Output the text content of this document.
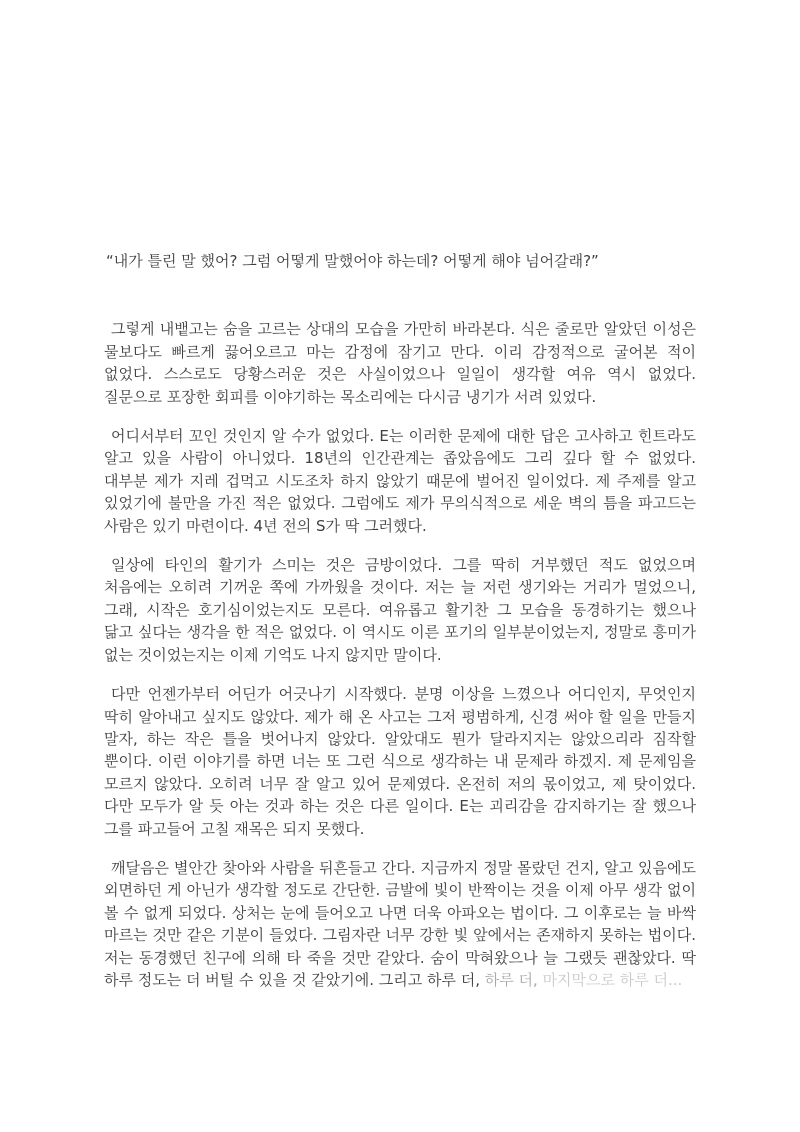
“내가 틀린 말 했어? 그럼 어떻게 말했어야 하는데? 어떻게 해야 넘어갈래?”

그렇게 내뱉고는 숨을 고르는 상대의 모습을 가만히 바라본다. 식은 줄로만 알았던 이성은 물보다도 빠르게 끓어오르고 마는 감정에 잠기고 만다. 이리 감정적으로 굴어본 적이 없었다. 스스로도 당황스러운 것은 사실이었으나 일일이 생각할 여유 역시 없었다. 질문으로 포장한 회피를 이야기하는 목소리에는 다시금 냉기가 서려 있었다.

어디서부터 꼬인 것인지 알 수가 없었다. E는 이러한 문제에 대한 답은 고사하고 힌트라도 알고 있을 사람이 아니었다. 18년의 인간관계는 좁았음에도 그리 깊다 할 수 없었다. 대부분 제가 지레 겁먹고 시도조차 하지 않았기 때문에 벌어진 일이었다. 제 주제를 알고 있었기에 불만을 가진 적은 없었다. 그럼에도 제가 무의식적으로 세운 벽의 틈을 파고드는 사람은 있기 마련이다. 4년 전의 S가 딱 그러했다.

일상에 타인의 활기가 스미는 것은 금방이었다. 그를 딱히 거부했던 적도 없었으며 처음에는 오히려 기꺼운 쪽에 가까웠을 것이다. 저는 늘 저런 생기와는 거리가 멀었으니, 그래, 시작은 호기심이었는지도 모른다. 여유롭고 활기찬 그 모습을 동경하기는 했으나 닮고 싶다는 생각을 한 적은 없었다. 이 역시도 이른 포기의 일부분이었는지, 정말로 흥미가 없는 것이었는지는 이제 기억도 나지 않지만 말이다.

다만 언젠가부터 어딘가 어긋나기 시작했다. 분명 이상을 느꼈으나 어디인지, 무엇인지 딱히 알아내고 싶지도 않았다. 제가 해 온 사고는 그저 평범하게, 신경 써야 할 일을 만들지 말자, 하는 작은 틀을 벗어나지 않았다. 알았대도 뭔가 달라지지는 않았으리라 짐작할 뿐이다. 이런 이야기를 하면 너는 또 그런 식으로 생각하는 내 문제라 하겠지. 제 문제임을 모르지 않았다. 오히려 너무 잘 알고 있어 문제였다. 온전히 저의 몫이었고, 제 탓이었다. 다만 모두가 알 듯 아는 것과 하는 것은 다른 일이다. E는 괴리감을 감지하기는 잘 했으나 그를 파고들어 고칠 재목은 되지 못했다.

깨달음은 별안간 찾아와 사람을 뒤흔들고 간다. 지금까지 정말 몰랐던 건지, 알고 있음에도 외면하던 게 아닌가 생각할 정도로 간단한. 금발에 빛이 반짝이는 것을 이제 아무 생각 없이 볼 수 없게 되었다. 상처는 눈에 들어오고 나면 더욱 아파오는 법이다. 그 이후로는 늘 바싹 마르는 것만 같은 기분이 들었다. 그림자란 너무 강한 빛 앞에서는 존재하지 못하는 법이다. 저는 동경했던 친구에 의해 타 죽을 것만 같았다. 숨이 막혀왔으나 늘 그랬듯 괜찮았다. 딱 하루 정도는 더 버틸 수 있을 것 같았기에. 그리고 하루 더, 하루 더, 마지막으로 하루 더...
